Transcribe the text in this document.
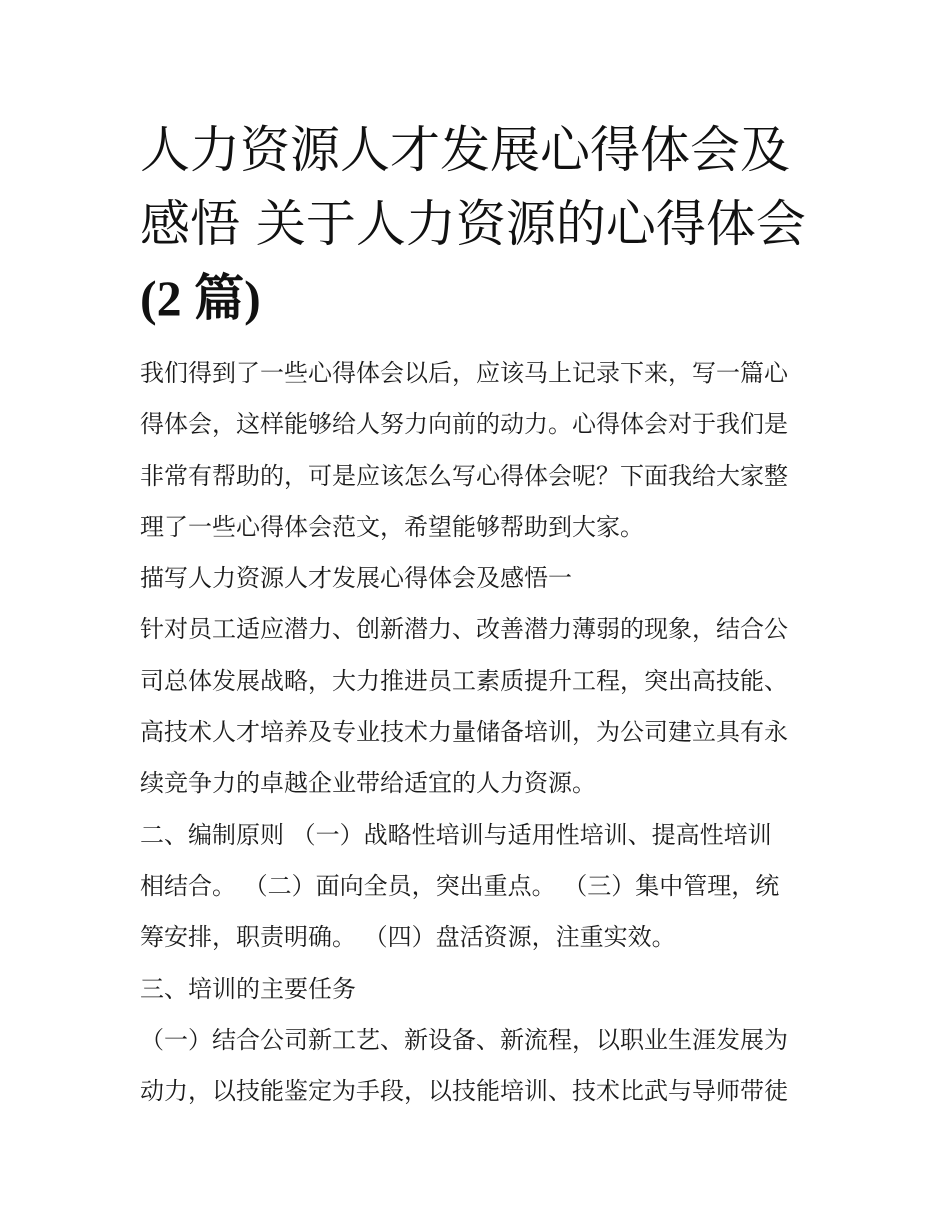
人力资源人才发展心得体会及
感悟 关于人力资源的心得体会
(2 篇)

我们得到了一些心得体会以后，应该马上记录下来，写一篇心
得体会，这样能够给人努力向前的动力。心得体会对于我们是
非常有帮助的，可是应该怎么写心得体会呢？下面我给大家整
理了一些心得体会范文，希望能够帮助到大家。

描写人力资源人才发展心得体会及感悟一

针对员工适应潜力、创新潜力、改善潜力薄弱的现象，结合公
司总体发展战略，大力推进员工素质提升工程，突出高技能、
高技术人才培养及专业技术力量储备培训，为公司建立具有永
续竞争力的卓越企业带给适宜的人力资源。

二、编制原则 （一）战略性培训与适用性培训、提高性培训
相结合。 （二）面向全员，突出重点。 （三）集中管理，统
筹安排，职责明确。 （四）盘活资源，注重实效。

三、培训的主要任务

（一）结合公司新工艺、新设备、新流程，以职业生涯发展为
动力，以技能鉴定为手段，以技能培训、技术比武与导师带徒
